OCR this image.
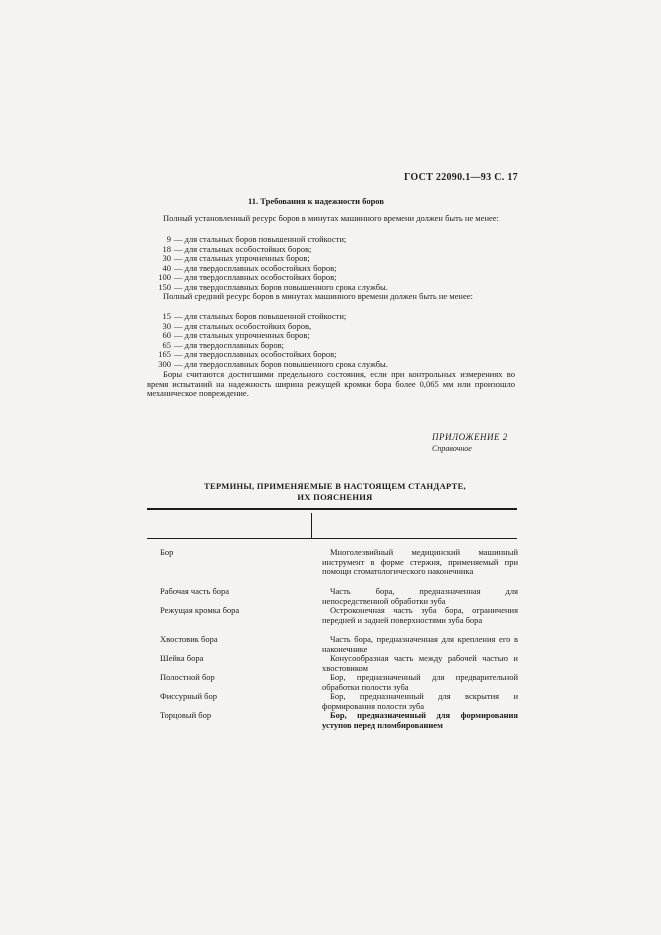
ГОСТ 22090.1—93 С. 17
11. Требования к надежности боров
Полный установленный ресурс боров в минутах машинного времени должен быть не менее:
9 — для стальных боров повышенной стойкости;
18 — для стальных особостойких боров;
30 — для стальных упрочненных боров;
40 — для твердосплавных особостойких боров;
100 — для твердосплавных особостойких боров;
150 — для твердосплавных боров повышенного срока службы.
Полный средний ресурс боров в минутах машинного времени должен быть не менее:
15 — для стальных боров повышенной стойкости;
30 — для стальных особостойких боров,
60 — для стальных упрочненных боров;
65 — для твердосплавных боров;
165 — для твердосплавных особостойких боров;
300 — для твердосплавных боров повышенного срока службы.
Боры считаются достигшими предельного состояния, если при контрольных измерениях во время испытаний на надежность ширина режущей кромки бора более 0,065 мм или произошло механическое повреждение.
ПРИЛОЖЕНИЕ 2
Справочное
ТЕРМИНЫ, ПРИМЕНЯЕМЫЕ В НАСТОЯЩЕМ СТАНДАРТЕ,
ИХ ПОЯСНЕНИЯ
Бор	Многолезвийный медицинский машинный инструмент в форме стержня, применяемый при помощи стоматологического наконечника
Рабочая часть бора	Часть бора, предназначенная для непосредственной обработки зуба
Режущая кромка бора	Остроконечная часть зуба бора, ограничения передней и задней поверхностями зуба бора
Хвостовик бора	Часть бора, предназначенная для крепления его в наконечнике
Шейка бора	Конусообразная часть между рабочей частью и хвостовиком
Полостной бор	Бор, предназначенный для предварительной обработки полости зуба
Фиссурный бор	Бор, предназначенный для вскрытия и формирования полости зуба
Торцовый бор	Бор, предназначенный для формирования уступов перед пломбированием
